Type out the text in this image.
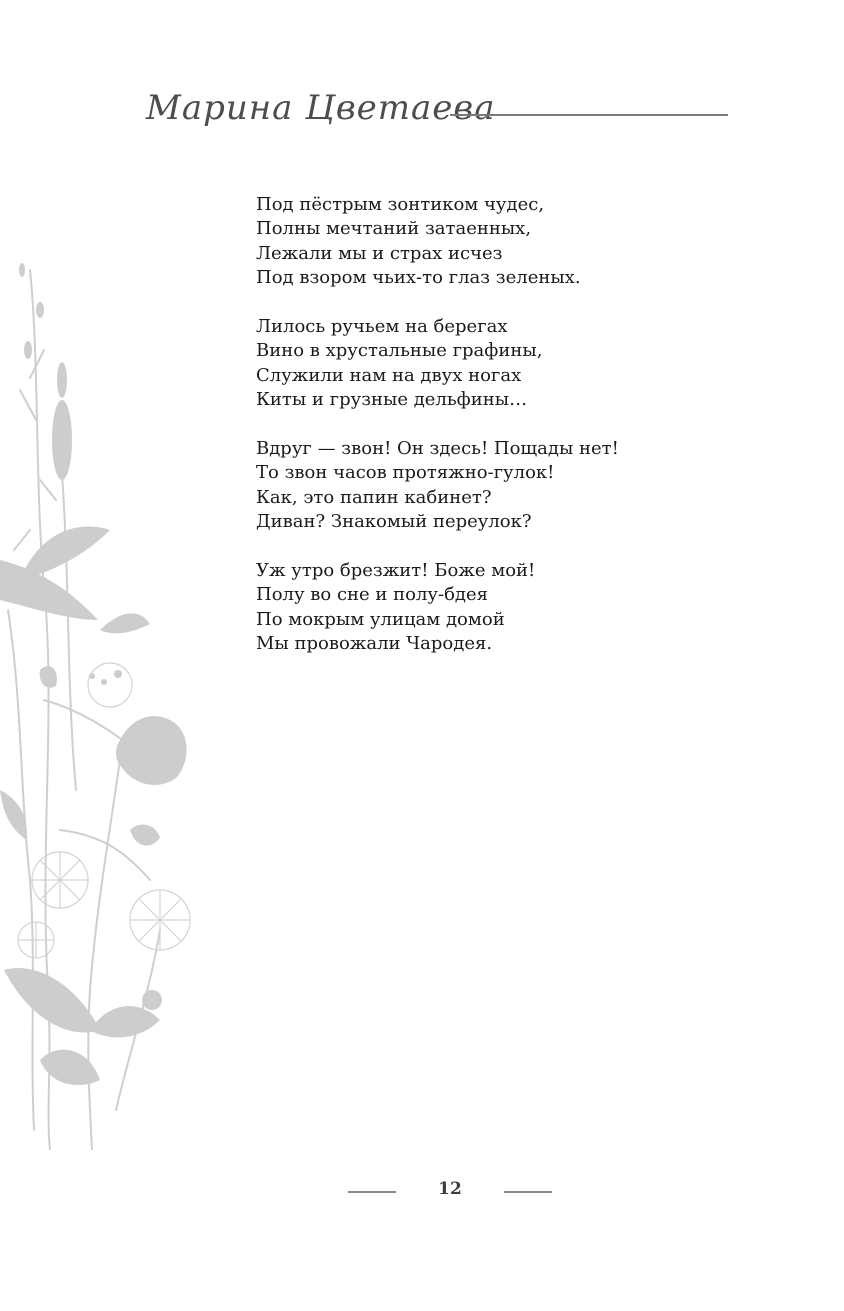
Марина Цветаева
Под пёстрым зонтиком чудес,
Полны мечтаний затаенных,
Лежали мы и страх исчез
Под взором чьих-то глаз зеленых.
Лилось ручьем на берегах
Вино в хрустальные графины,
Служили нам на двух ногах
Киты и грузные дельфины…
Вдруг — звон! Он здесь! Пощады нет!
То звон часов протяжно-гулок!
Как, это папин кабинет?
Диван? Знакомый переулок?
Уж утро брезжит! Боже мой!
Полу во сне и полу-бдея
По мокрым улицам домой
Мы провожали Чародея.
12
